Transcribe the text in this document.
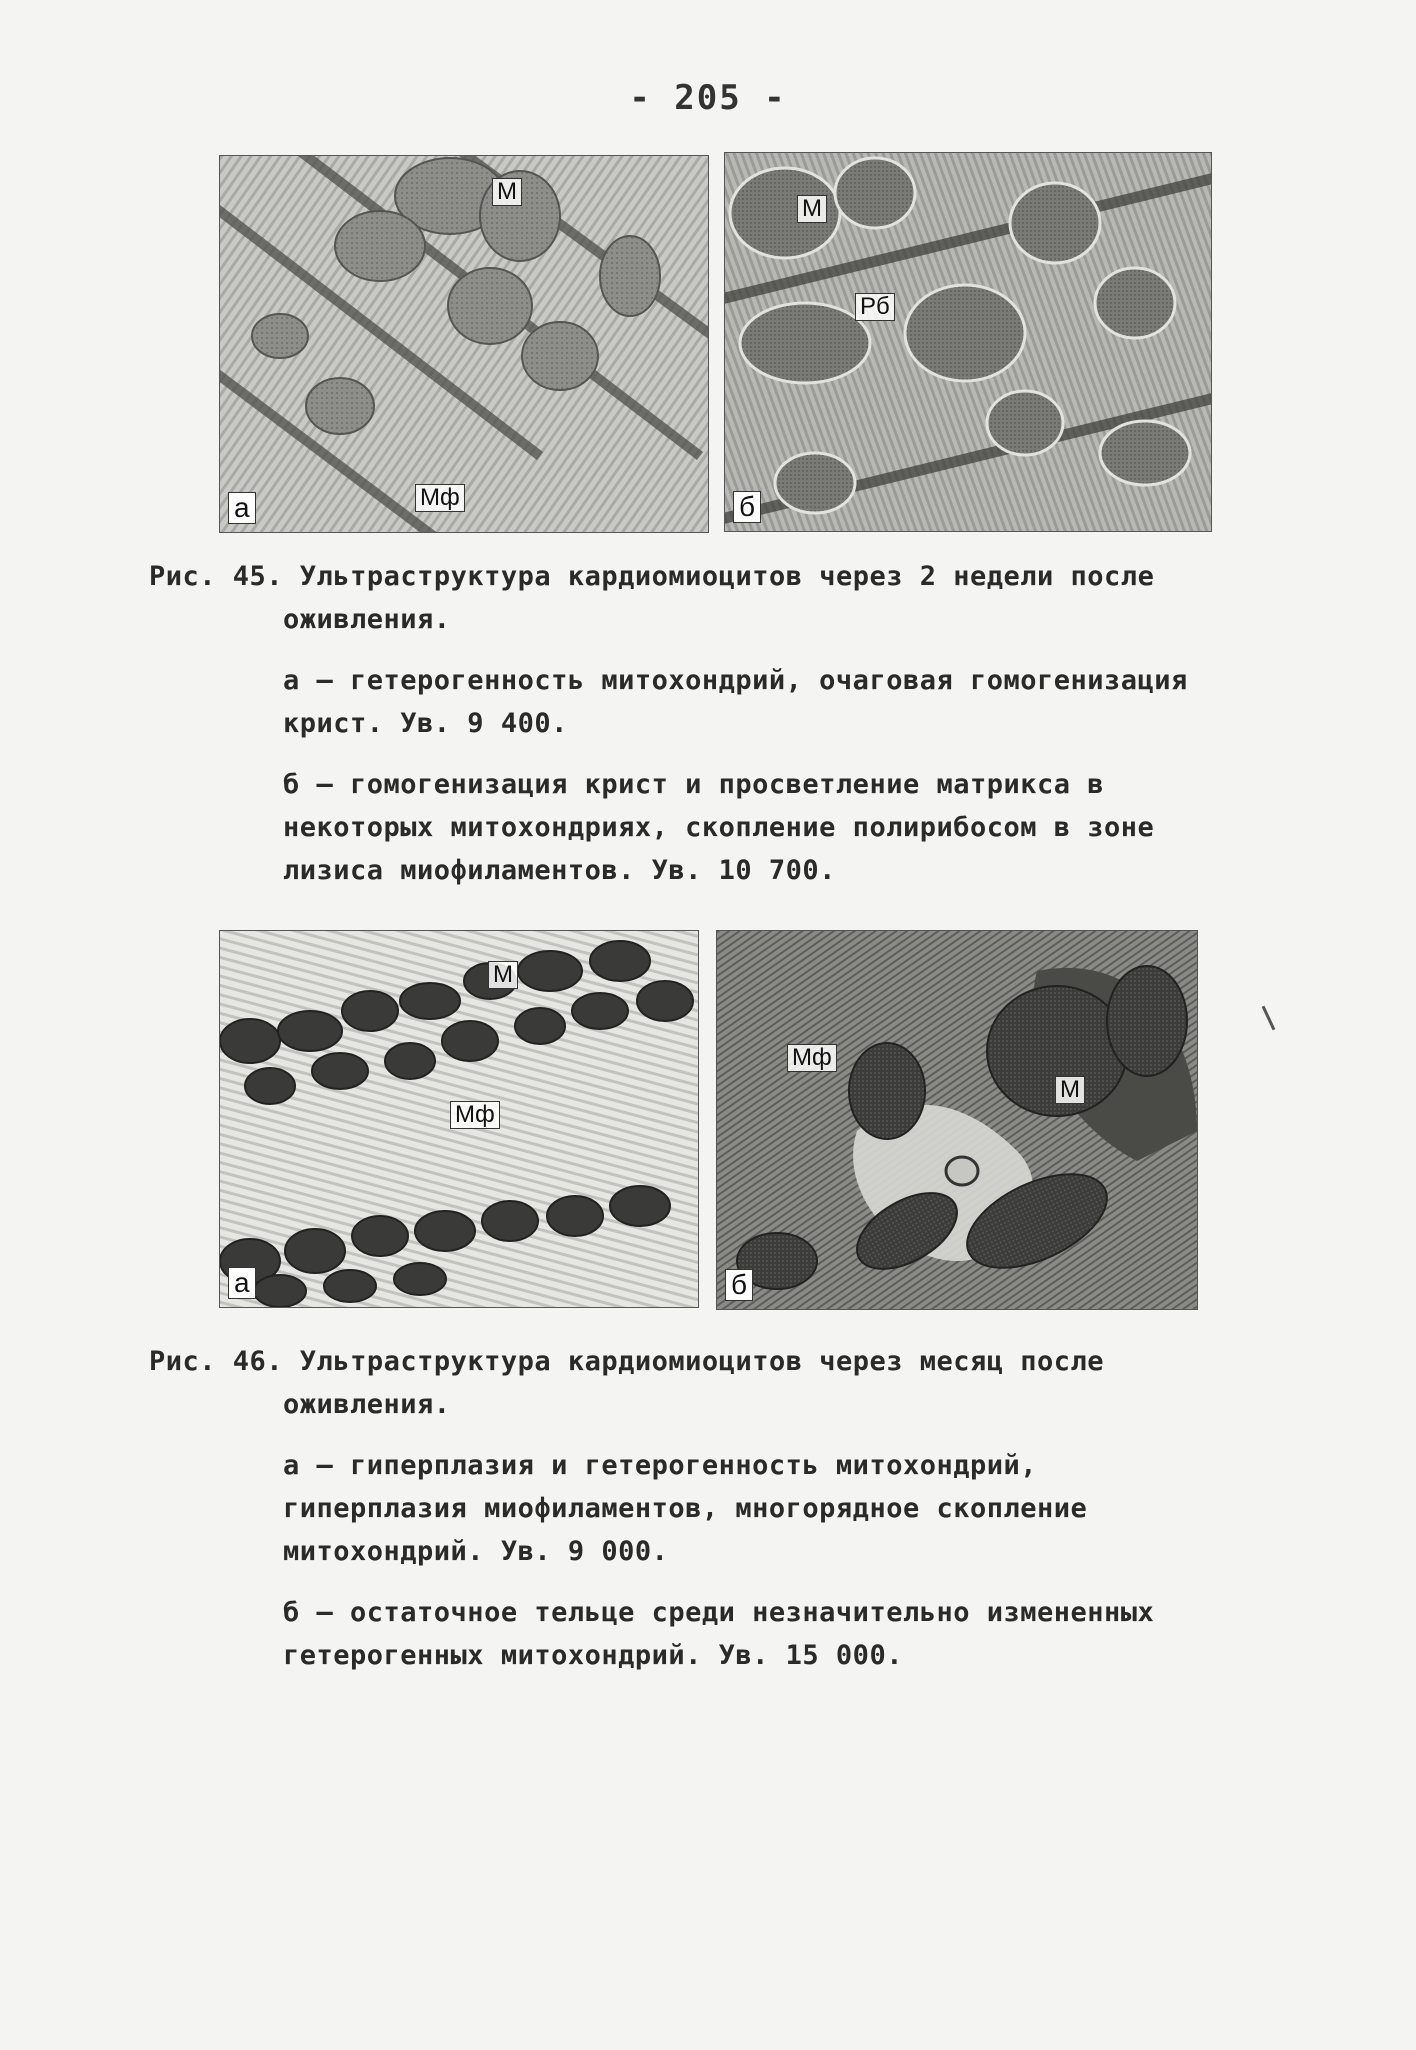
- 205 -
М
Мф
а
М
Рб
б

Рис. 45. Ультраструктура кардиомиоцитов через 2 недели после оживления.

а – гетерогенность митохондрий, очаговая гомогенизация крист. Ув. 9 400.

б – гомогенизация крист и просветление матрикса в некоторых митохондриях, скопление полирибосом в зоне лизиса миофиламентов. Ув. 10 700.

М
Мф
а
Мф
М
б

Рис. 46. Ультраструктура кардиомиоцитов через месяц после оживления.

а – гиперплазия и гетерогенность митохондрий, гиперплазия миофиламентов, многорядное скопление митохондрий. Ув. 9 000.

б – остаточное тельце среди незначительно измененных гетерогенных митохондрий. Ув. 15 000.
